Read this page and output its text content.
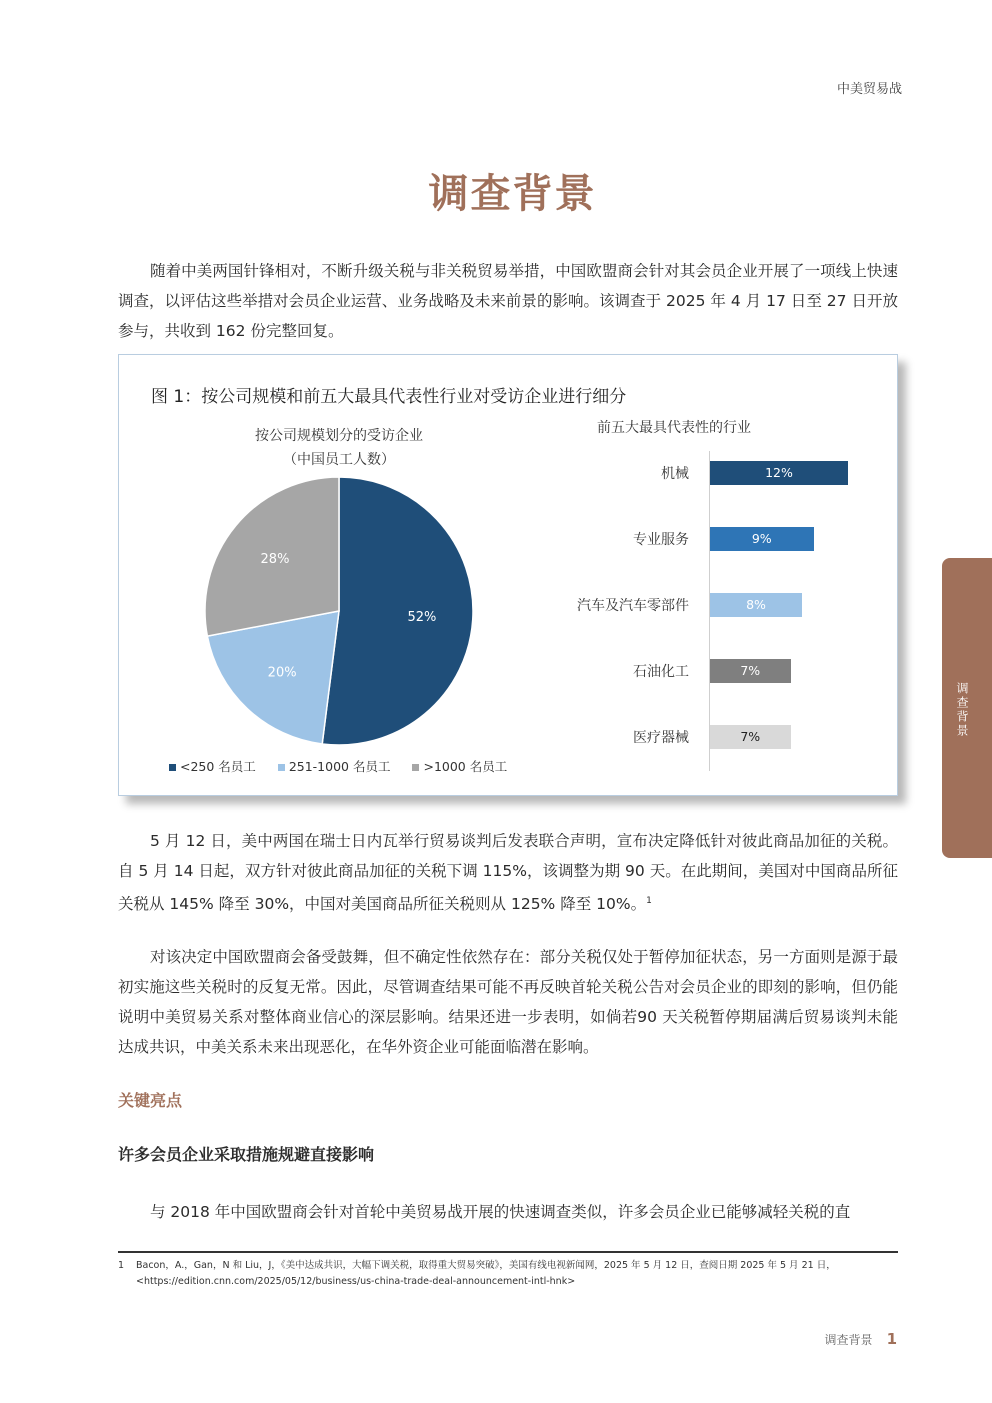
中美贸易战
调查背景
调查背景
随着中美两国针锋相对，不断升级关税与非关税贸易举措，中国欧盟商会针对其会员企业开展了一项线上快速调查，以评估这些举措对会员企业运营、业务战略及未来前景的影响。该调查于 2025 年 4 月 17 日至 27 日开放参与，共收到 162 份完整回复。
图 1：按公司规模和前五大最具代表性行业对受访企业进行细分
按公司规模划分的受访企业
（中国员工人数）
52%
20%
28%
<250 名员工	251-1000 名员工	>1000 名员工
前五大最具代表性的行业
机械	12%
专业服务	9%
汽车及汽车零部件	8%
石油化工	7%
医疗器械	7%
5 月 12 日，美中两国在瑞士日内瓦举行贸易谈判后发表联合声明，宣布决定降低针对彼此商品加征的关税。自 5 月 14 日起，双方针对彼此商品加征的关税下调 115%，该调整为期 90 天。在此期间，美国对中国商品所征关税从 145% 降至 30%，中国对美国商品所征关税则从 125% 降至 10%。$^1$
对该决定中国欧盟商会备受鼓舞，但不确定性依然存在：部分关税仅处于暂停加征状态，另一方面则是源于最初实施这些关税时的反复无常。因此，尽管调查结果可能不再反映首轮关税公告对会员企业的即刻的影响，但仍能说明中美贸易关系对整体商业信心的深层影响。结果还进一步表明，如倘若90 天关税暂停期届满后贸易谈判未能达成共识，中美关系未来出现恶化，在华外资企业可能面临潜在影响。
关键亮点
许多会员企业采取措施规避直接影响
与 2018 年中国欧盟商会针对首轮中美贸易战开展的快速调查类似，许多会员企业已能够减轻关税的直
1 Bacon，A.，Gan，N 和 Liu，J，《美中达成共识，大幅下调关税，取得重大贸易突破》，美国有线电视新闻网，2025 年 5 月 12 日，查阅日期 2025 年 5 月 21 日，<https://edition.cnn.com/2025/05/12/business/us-china-trade-deal-announcement-intl-hnk>
调查背景 1
